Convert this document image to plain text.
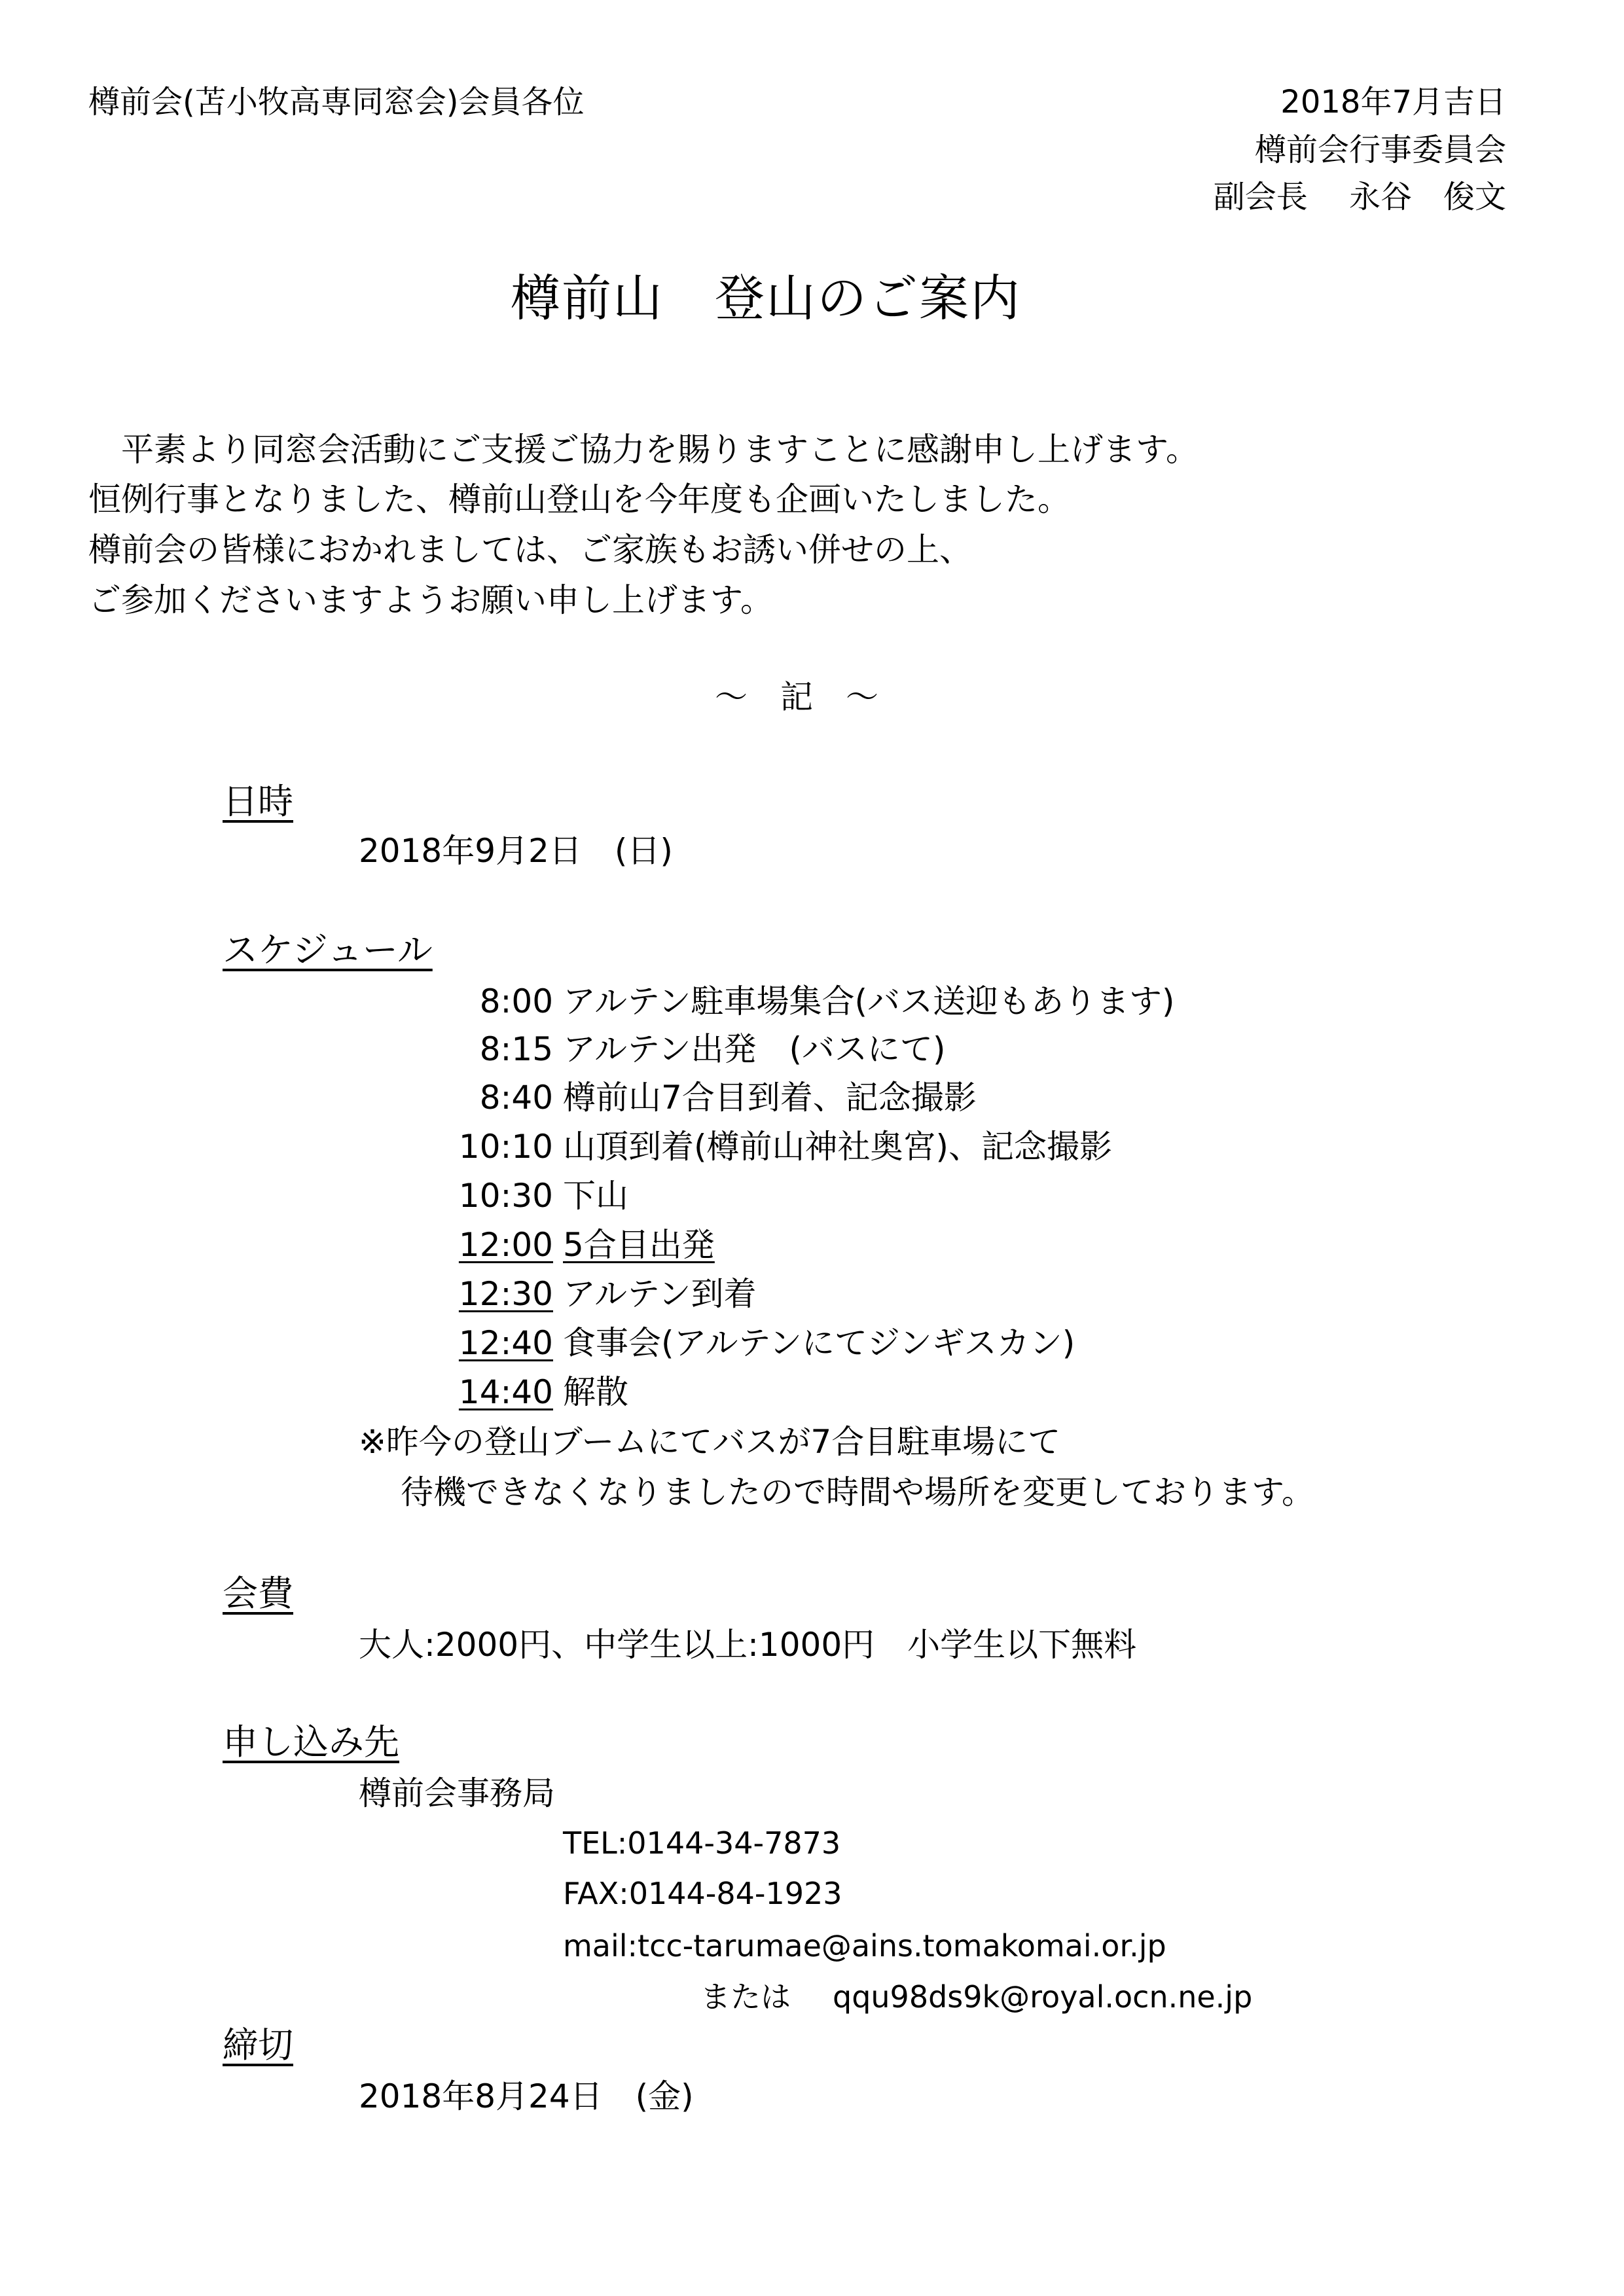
樽前会(苫小牧高専同窓会)会員各位	2018年7月吉日
樽前会行事委員会
副会長　 永谷　俊文
樽前山　登山のご案内
　平素より同窓会活動にご支援ご協力を賜りますことに感謝申し上げます。
恒例行事となりました、樽前山登山を今年度も企画いたしました。
樽前会の皆様におかれましては、ご家族もお誘い併せの上、
ご参加くださいますようお願い申し上げます。
～　記　～
日時
2018年9月2日　(日)
スケジュール
8:00 アルテン駐車場集合(バス送迎もあります)
8:15 アルテン出発　(バスにて)
8:40 樽前山7合目到着、記念撮影
10:10 山頂到着(樽前山神社奥宮)、記念撮影
10:30 下山
12:00 5合目出発
12:30 アルテン到着
12:40 食事会(アルテンにてジンギスカン)
14:40 解散
※昨今の登山ブームにてバスが7合目駐車場にて
待機できなくなりましたので時間や場所を変更しております。
会費
大人:2000円、中学生以上:1000円　小学生以下無料
申し込み先
樽前会事務局
TEL:0144-34-7873
FAX:0144-84-1923
mail:tcc-tarumae@ains.tomakomai.or.jp
または qqu98ds9k@royal.ocn.ne.jp
締切
2018年8月24日　(金)
